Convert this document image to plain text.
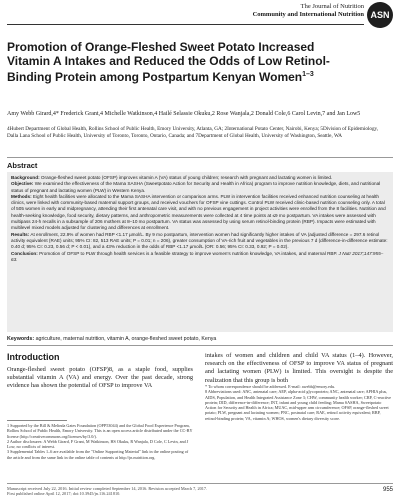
The Journal of Nutrition
Community and International Nutrition ASN
Promotion of Orange-Fleshed Sweet Potato Increased Vitamin A Intakes and Reduced the Odds of Low Retinol-Binding Protein among Postpartum Kenyan Women$^{1-3}$
Amy Webb Girard,4* Frederick Grant,4 Michelle Watkinson,4 Hailé Selassie Okuku,2 Rose Wanjala,2 Donald Cole,6 Carol Levin,7 and Jan Low5
4Hubert Department of Global Health, Rollins School of Public Health, Emory University, Atlanta, GA; 2International Potato Center, Nairobi, Kenya; 5Division of Epidemiology, Dalla Lana School of Public Health, University of Toronto, Toronto, Ontario, Canada; and 7Department of Global Health, University of Washington, Seattle, WA
Abstract

Background: Orange-fleshed sweet potato (OFSP) improves vitamin A (VA) status of young children; research with pregnant and lactating women is limited.

Objective: We examined the effectiveness of the Mama SASHA (Sweetpotato Action for Security and Health in Africa) program to improve nutrition knowledge, diets, and nutritional status of pregnant and lactating women (PLW) in Western Kenya.

Methods: Eight health facilities were allocated to the Mama SASHA intervention or comparison arms. PLW in intervention facilities received enhanced nutrition counseling at health clinics, were linked with community-based maternal support groups, and received vouchers for OFSP vine cuttings. Control PLW received clinic-based nutrition counseling only. A total of 505 women in early and midpregnancy, attending their first antenatal care visit, and with no previous engagement in project activities were enrolled from the 8 facilities. Nutrition and health-seeking knowledge, food security, dietary patterns, and anthropometric measurements were collected at 4 time points at ≤9 mo postpartum. VA intakes were assessed with multipass 24-h recalls in a subsample of 206 mothers at 8–10 mo postpartum. VA status was assessed by using serum retinol-binding protein (RBP). Impacts were estimated with multilevel mixed models adjusted for clustering and differences at enrollment.

Results: At enrollment, 22.9% of women had RBP <1.17 µmol/L. By 9 mo postpartum, intervention women had significantly higher intakes of VA (adjusted difference = 297.6 retinol activity equivalent (RAE) units; 95% CI: 82, 513 RAE units; P = 0.01; n = 206), greater consumption of VA-rich fruit and vegetables in the previous 7 d (difference-in-difference estimate: 0.40 d; 95% CI: 0.23, 0.56 d; P < 0.01), and a 43% reduction in the odds of RBP <1.17 µmol/L (OR: 0.56; 95% CI: 0.33, 0.92; P = 0.02).

Conclusion: Promotion of OFSP to PLW through health services is a feasible strategy to improve women's nutrition knowledge, VA intakes, and maternal RBP. J Nutr 2017;147:955–63.

Keywords: agriculture, maternal nutrition, vitamin A, orange-fleshed sweet potato, Kenya
Introduction
Orange-fleshed sweet potato (OFSP)8, as a staple food, supplies substantial vitamin A (VA) and energy. Over the past decade, strong evidence has shown the potential of OFSP to improve VA
intakes of women and children and child VA status (1–4). However, research on the effectiveness of OFSP to improve VA status of pregnant and lactating women (PLW) is limited. This oversight is despite the realization that this group is both

1 Supported by the Bill & Melinda Gates Foundation (OPP53044) and the Global Food Experience Program, Rollins School of Public Health, Emory University. This is an open access article distributed under the CC-BY license (http://creativecommons.org/licenses/by/3.0/).

2 Author disclosures: A Webb Girard, F Grant, M Watkinson, HS Okuku, R Wanjala, D Cole, C Levin, and J Low, no conflicts of interest.

3 Supplemental Tables 1–6 are available from the "Online Supporting Material" link in the online posting of the article and from the same link in the online table of contents at http://jn.nutrition.org.

* To whom correspondence should be addressed. E-mail: awebb@emory.edu.

8 Abbreviations used: ANC, antenatal care; AEP, alpha-acid glycoprotein; ANC, antenatal care; APHIA plus, AIDS, Population, and Health Integrated Assistance Zone 3; CHW, community health worker; CRP, C-reactive protein; DID, difference-in-difference; INT, infant and young child feeding; Mama SASHA, Sweetpotato Action for Security and Health in Africa; MUAC, mid-upper arm circumference; OFSP, orange-fleshed sweet potato; PLW, pregnant and lactating women; PNC, postnatal care; RAE, retinol activity equivalent; RBP, retinol-binding protein; VA, vitamin A; WHOS, women's dietary diversity score.

Manuscript received July 22, 2016. Initial review completed September 14, 2016. Revision accepted March 7, 2017.
First published online April 12, 2017; doi:10.3945/jn.116.241810.
955
